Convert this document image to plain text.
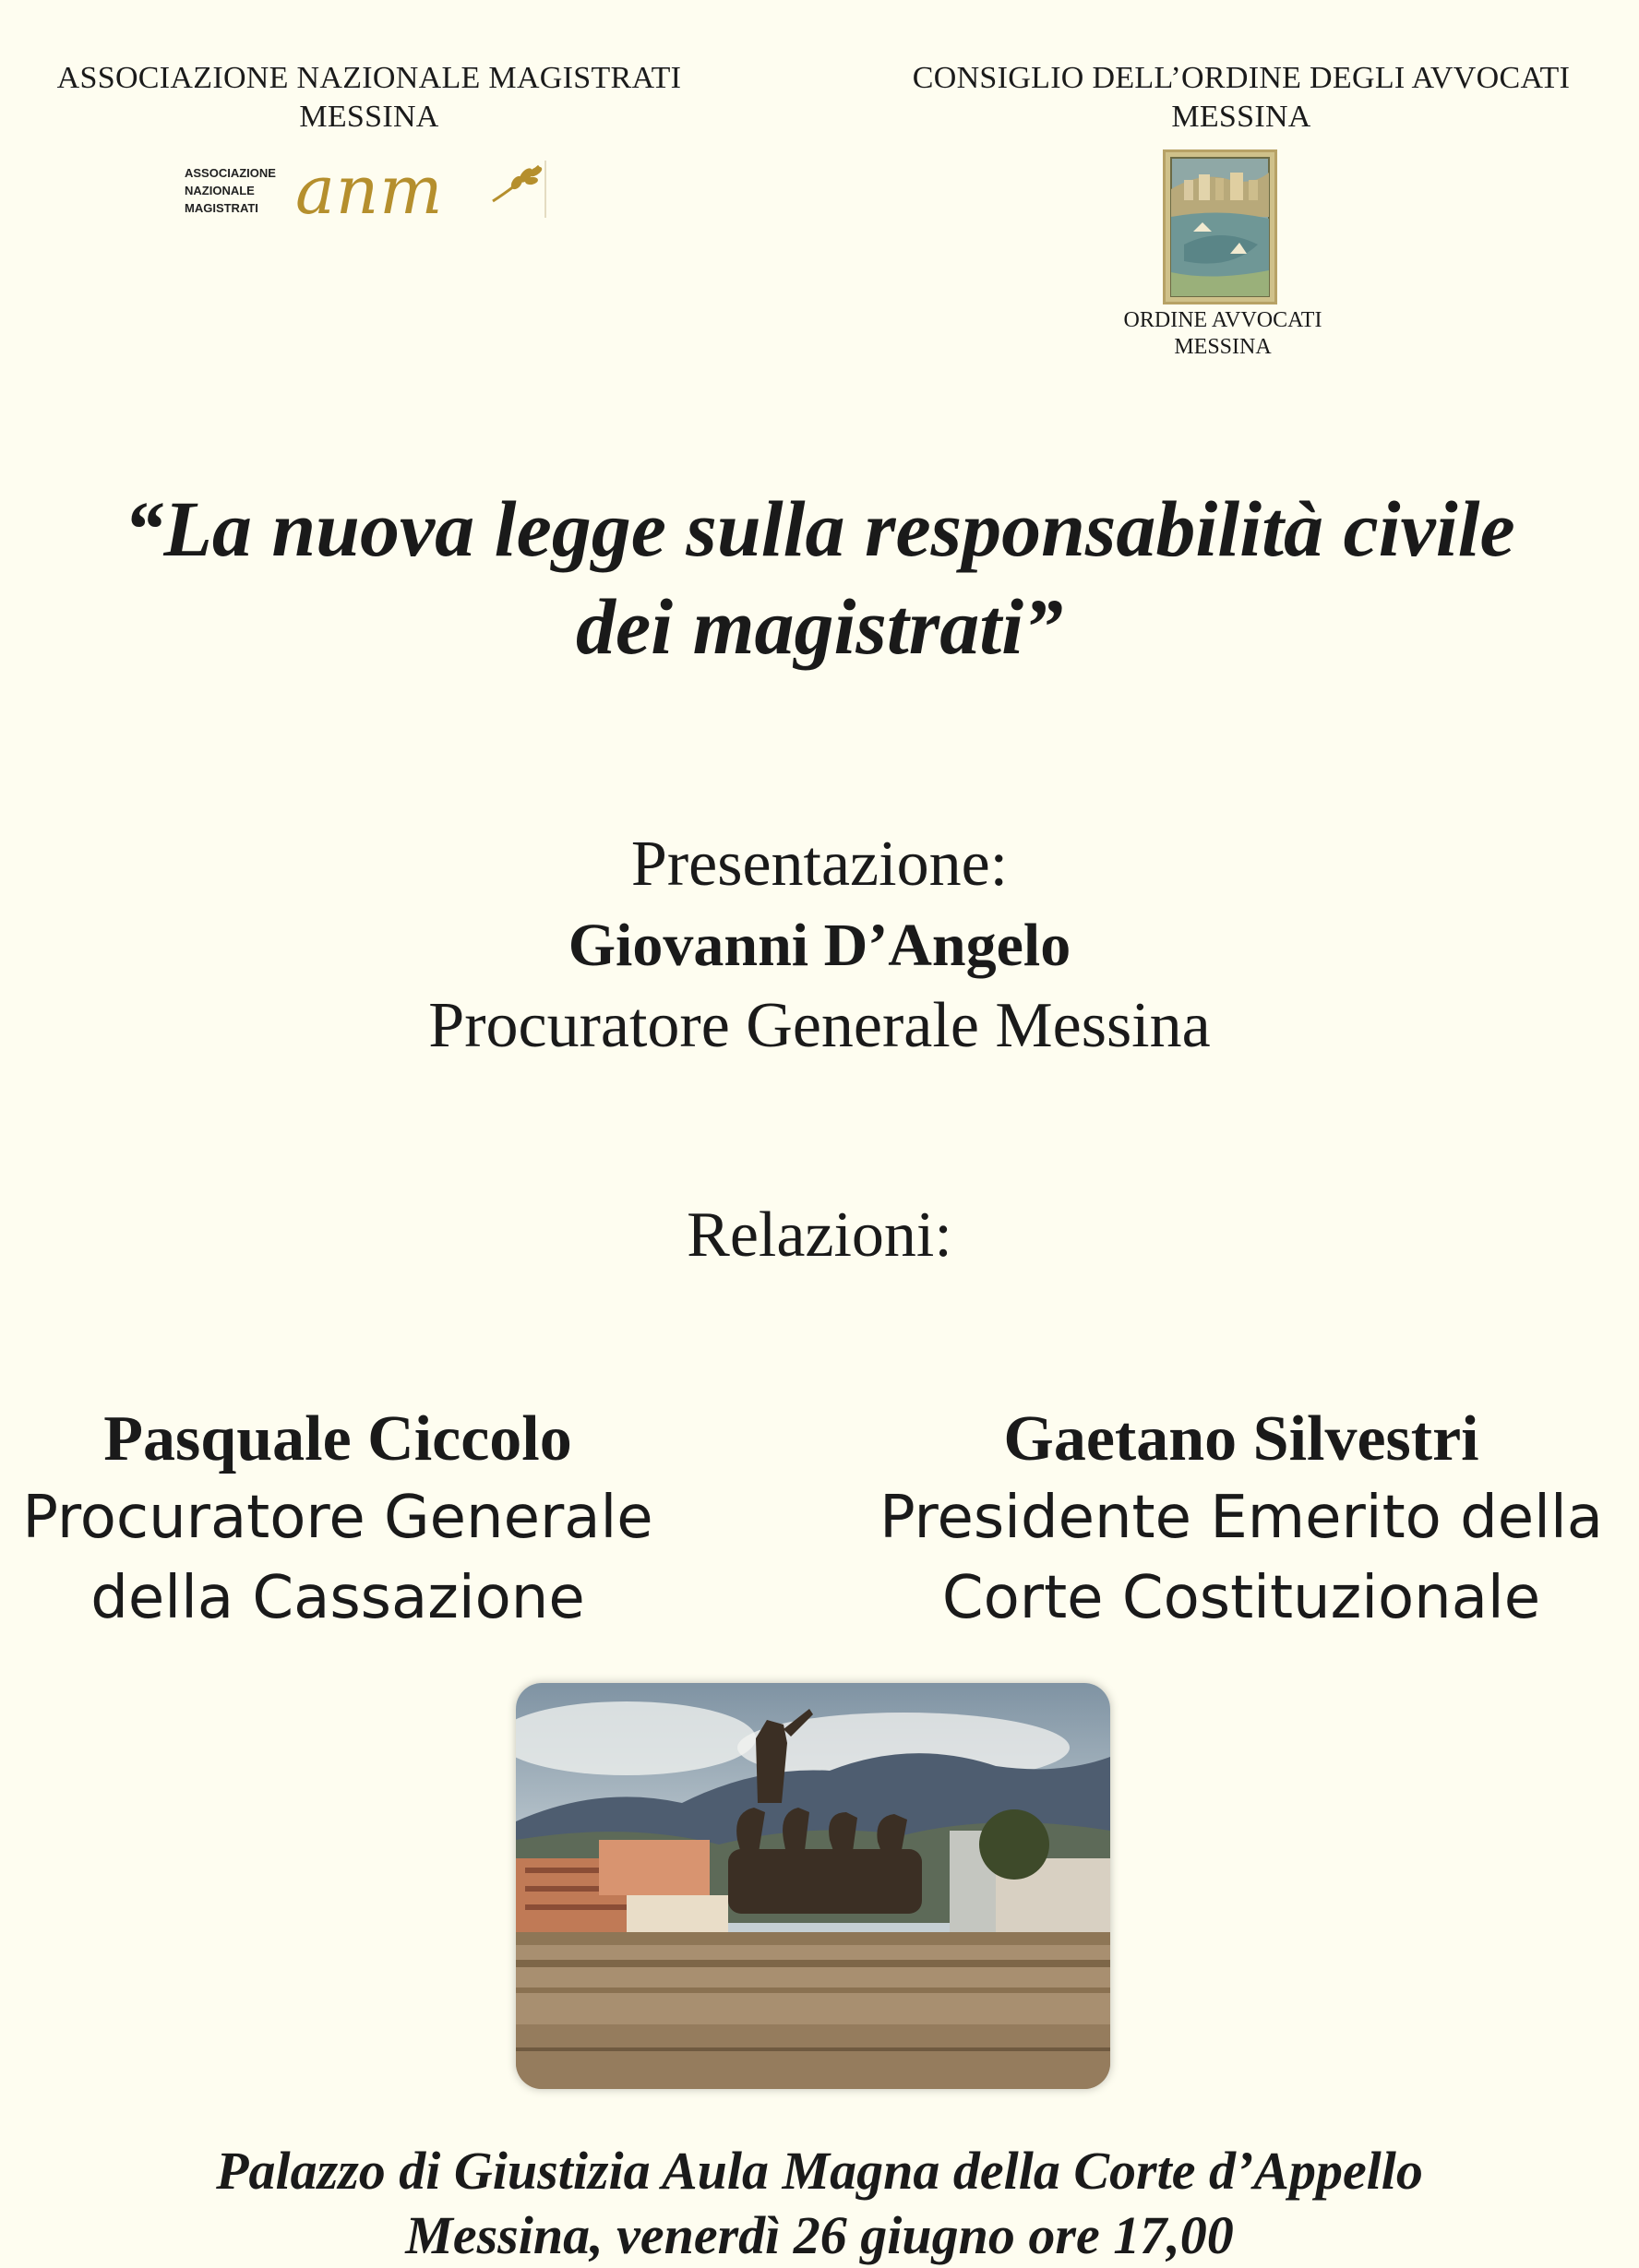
ASSOCIAZIONE NAZIONALE MAGISTRATI
MESSINA
ASSOCIAZIONE
NAZIONALE
MAGISTRATI anm
CONSIGLIO DELL’ORDINE DEGLI AVVOCATI
MESSINA
ORDINE AVVOCATI
MESSINA
“La nuova legge sulla responsabilità civile
dei magistrati”
Presentazione:
Giovanni D’Angelo
Procuratore Generale Messina
Relazioni:
Pasquale Ciccolo
Procuratore Generale
della Cassazione
Gaetano Silvestri
Presidente Emerito della
Corte Costituzionale
Palazzo di Giustizia Aula Magna della Corte d’Appello
Messina, venerdì 26 giugno ore 17,00
